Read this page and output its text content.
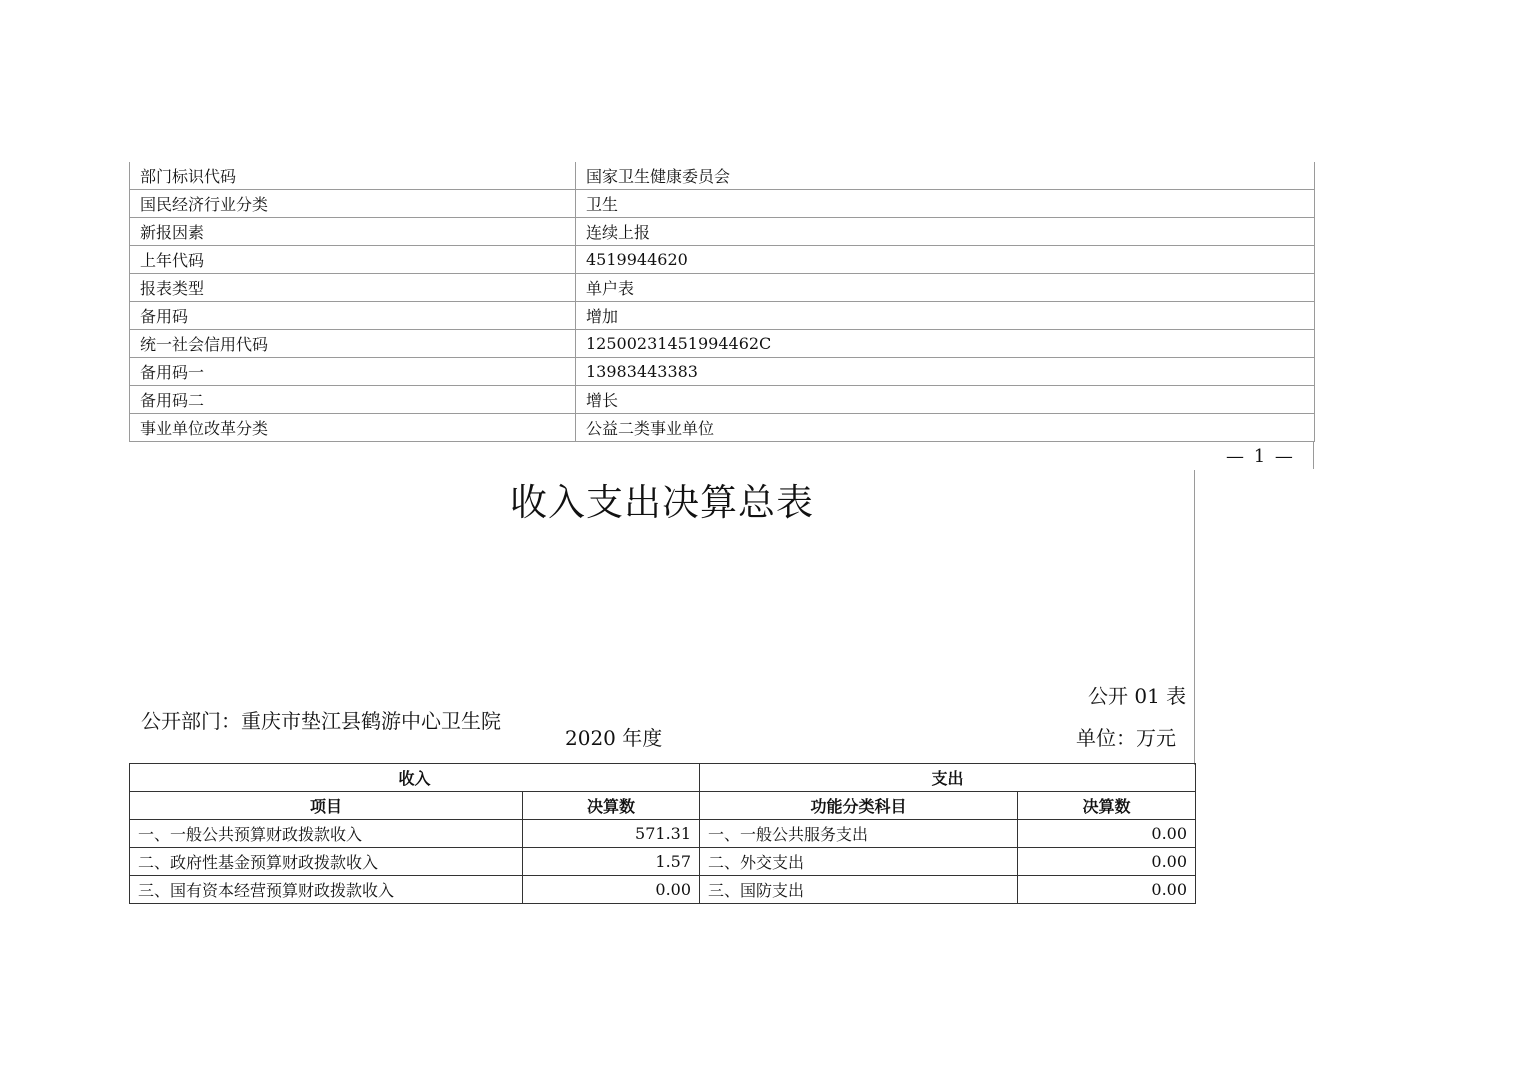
部门标识代码	国家卫生健康委员会
国民经济行业分类	卫生
新报因素	连续上报
上年代码	4519944620
报表类型	单户表
备用码	增加
统一社会信用代码	12500231451994462C
备用码一	13983443383
备用码二	增长
事业单位改革分类	公益二类事业单位
— 1 —
收入支出决算总表
公开 01 表
公开部门：重庆市垫江县鹤游中心卫生院
2020 年度	单位：万元
收入		支出	
项目	决算数	功能分类科目	决算数
一、一般公共预算财政拨款收入	571.31	一、一般公共服务支出	0.00
二、政府性基金预算财政拨款收入	1.57	二、外交支出	0.00
三、国有资本经营预算财政拨款收入	0.00	三、国防支出	0.00
